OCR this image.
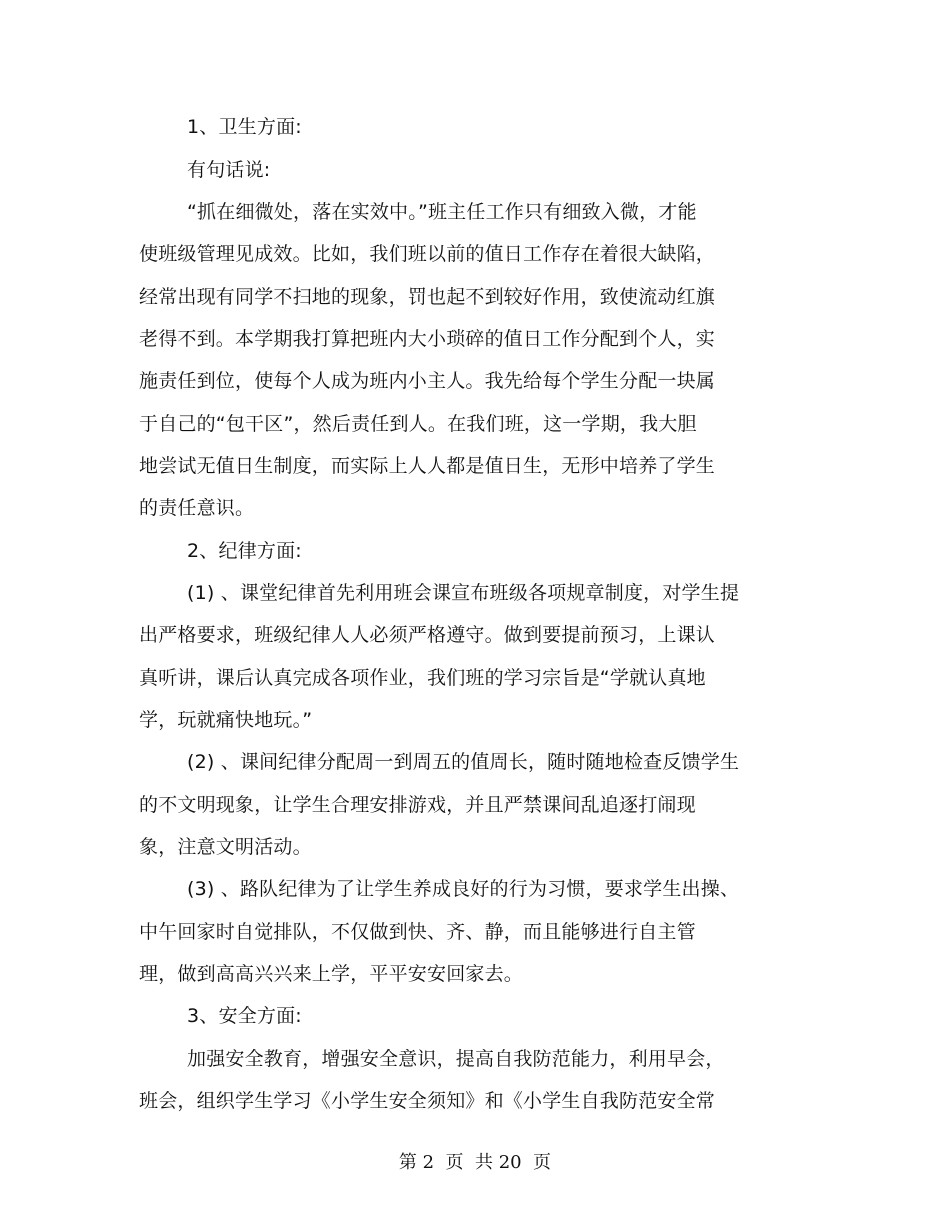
1、卫生方面:
有句话说:
“抓在细微处，落在实效中。”班主任工作只有细致入微，才能
使班级管理见成效。比如，我们班以前的值日工作存在着很大缺陷，
经常出现有同学不扫地的现象，罚也起不到较好作用，致使流动红旗
老得不到。本学期我打算把班内大小琐碎的值日工作分配到个人，实
施责任到位，使每个人成为班内小主人。我先给每个学生分配一块属
于自己的“包干区”，然后责任到人。在我们班，这一学期，我大胆
地尝试无值日生制度，而实际上人人都是值日生，无形中培养了学生
的责任意识。
2、纪律方面:
(1) 、课堂纪律首先利用班会课宣布班级各项规章制度，对学生提
出严格要求，班级纪律人人必须严格遵守。做到要提前预习，上课认
真听讲，课后认真完成各项作业，我们班的学习宗旨是“学就认真地
学，玩就痛快地玩。”
(2) 、课间纪律分配周一到周五的值周长，随时随地检查反馈学生
的不文明现象，让学生合理安排游戏，并且严禁课间乱追逐打闹现
象，注意文明活动。
(3) 、路队纪律为了让学生养成良好的行为习惯，要求学生出操、
中午回家时自觉排队，不仅做到快、齐、静，而且能够进行自主管
理，做到高高兴兴来上学，平平安安回家去。
3、安全方面:
加强安全教育，增强安全意识，提高自我防范能力，利用早会，
班会，组织学生学习《小学生安全须知》和《小学生自我防范安全常
第 2  页  共 20  页
